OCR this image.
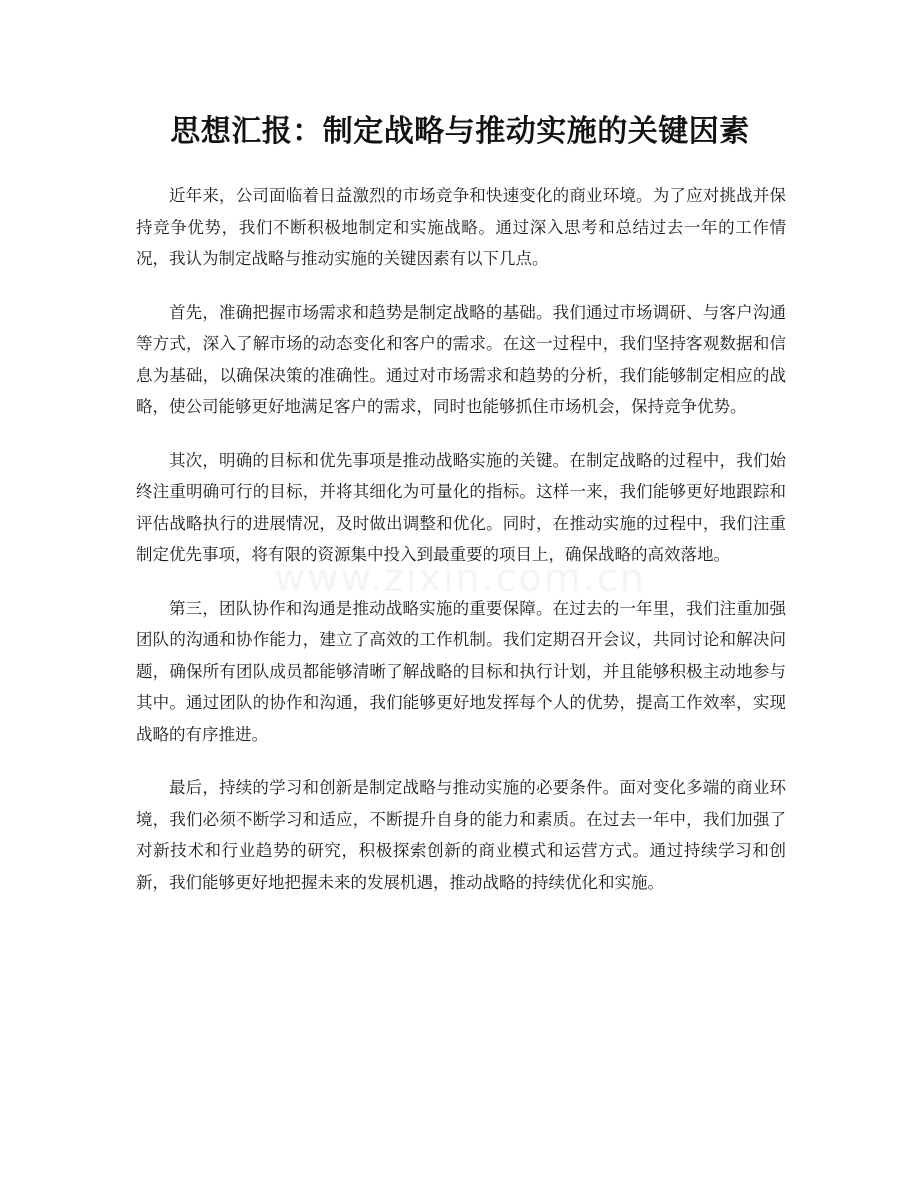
思想汇报：制定战略与推动实施的关键因素

近年来，公司面临着日益激烈的市场竞争和快速变化的商业环境。为了应对挑战并保持竞争优势，我们不断积极地制定和实施战略。通过深入思考和总结过去一年的工作情况，我认为制定战略与推动实施的关键因素有以下几点。

首先，准确把握市场需求和趋势是制定战略的基础。我们通过市场调研、与客户沟通等方式，深入了解市场的动态变化和客户的需求。在这一过程中，我们坚持客观数据和信息为基础，以确保决策的准确性。通过对市场需求和趋势的分析，我们能够制定相应的战略，使公司能够更好地满足客户的需求，同时也能够抓住市场机会，保持竞争优势。

其次，明确的目标和优先事项是推动战略实施的关键。在制定战略的过程中，我们始终注重明确可行的目标，并将其细化为可量化的指标。这样一来，我们能够更好地跟踪和评估战略执行的进展情况，及时做出调整和优化。同时，在推动实施的过程中，我们注重制定优先事项，将有限的资源集中投入到最重要的项目上，确保战略的高效落地。

第三，团队协作和沟通是推动战略实施的重要保障。在过去的一年里，我们注重加强团队的沟通和协作能力，建立了高效的工作机制。我们定期召开会议，共同讨论和解决问题，确保所有团队成员都能够清晰了解战略的目标和执行计划，并且能够积极主动地参与其中。通过团队的协作和沟通，我们能够更好地发挥每个人的优势，提高工作效率，实现战略的有序推进。

最后，持续的学习和创新是制定战略与推动实施的必要条件。面对变化多端的商业环境，我们必须不断学习和适应，不断提升自身的能力和素质。在过去一年中，我们加强了对新技术和行业趋势的研究，积极探索创新的商业模式和运营方式。通过持续学习和创新，我们能够更好地把握未来的发展机遇，推动战略的持续优化和实施。

www.zixin.com.cn
